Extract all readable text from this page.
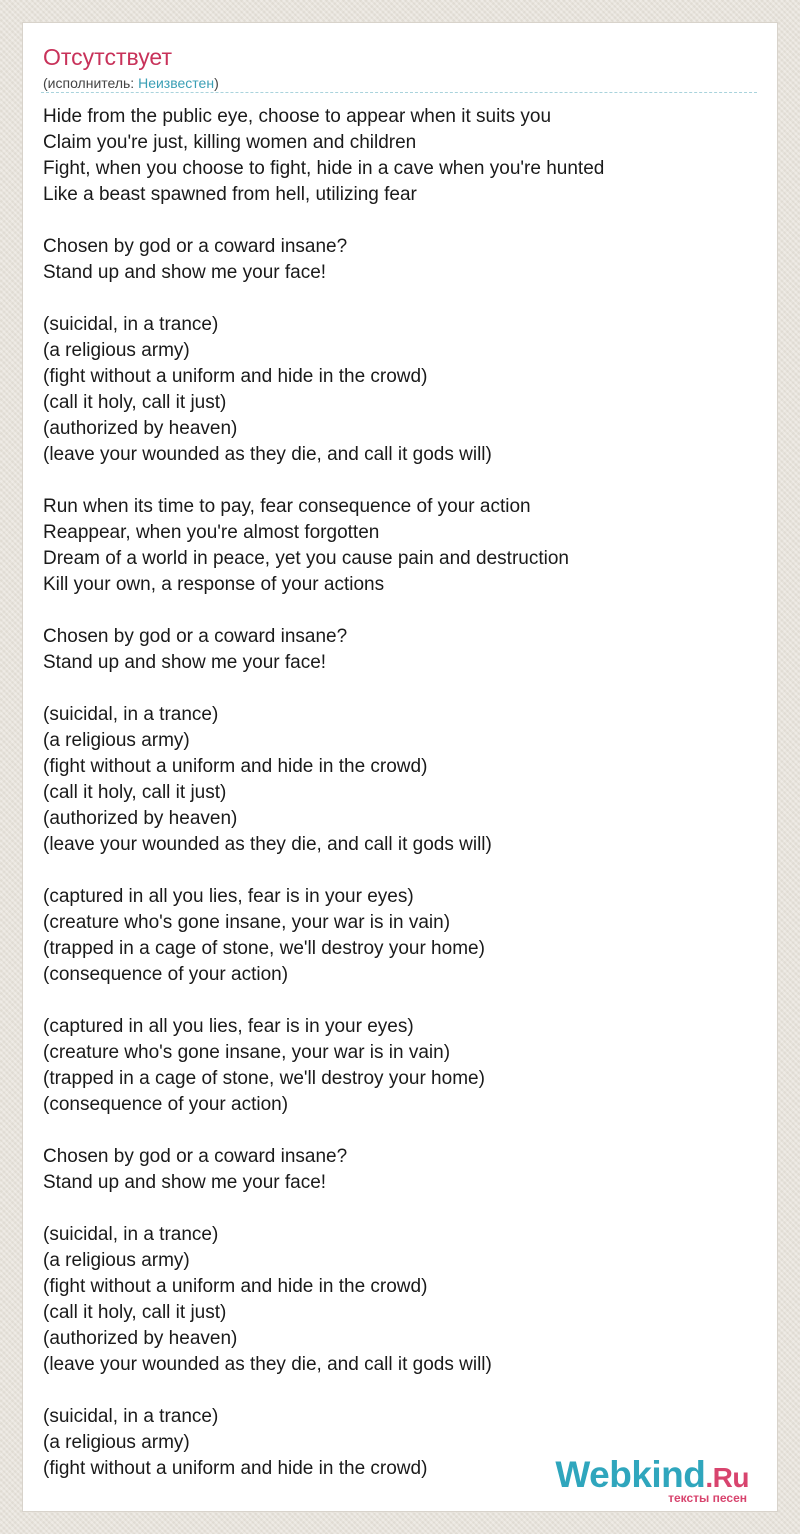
Отсутствует
(исполнитель: Неизвестен)
Hide from the public eye, choose to appear when it suits you
Claim you're just, killing women and children
Fight, when you choose to fight, hide in a cave when you're hunted
Like a beast spawned from hell, utilizing fear
Chosen by god or a coward insane?
Stand up and show me your face!
(suicidal, in a trance)
(a religious army)
(fight without a uniform and hide in the crowd)
(call it holy, call it just)
(authorized by heaven)
(leave your wounded as they die, and call it gods will)
Run when its time to pay, fear consequence of your action
Reappear, when you're almost forgotten
Dream of a world in peace, yet you cause pain and destruction
Kill your own, a response of your actions
Chosen by god or a coward insane?
Stand up and show me your face!
(suicidal, in a trance)
(a religious army)
(fight without a uniform and hide in the crowd)
(call it holy, call it just)
(authorized by heaven)
(leave your wounded as they die, and call it gods will)
(captured in all you lies, fear is in your eyes)
(creature who's gone insane, your war is in vain)
(trapped in a cage of stone, we'll destroy your home)
(consequence of your action)
(captured in all you lies, fear is in your eyes)
(creature who's gone insane, your war is in vain)
(trapped in a cage of stone, we'll destroy your home)
(consequence of your action)
Chosen by god or a coward insane?
Stand up and show me your face!
(suicidal, in a trance)
(a religious army)
(fight without a uniform and hide in the crowd)
(call it holy, call it just)
(authorized by heaven)
(leave your wounded as they die, and call it gods will)
(suicidal, in a trance)
(a religious army)
(fight without a uniform and hide in the crowd)	Webkind.Ru
тексты песен
